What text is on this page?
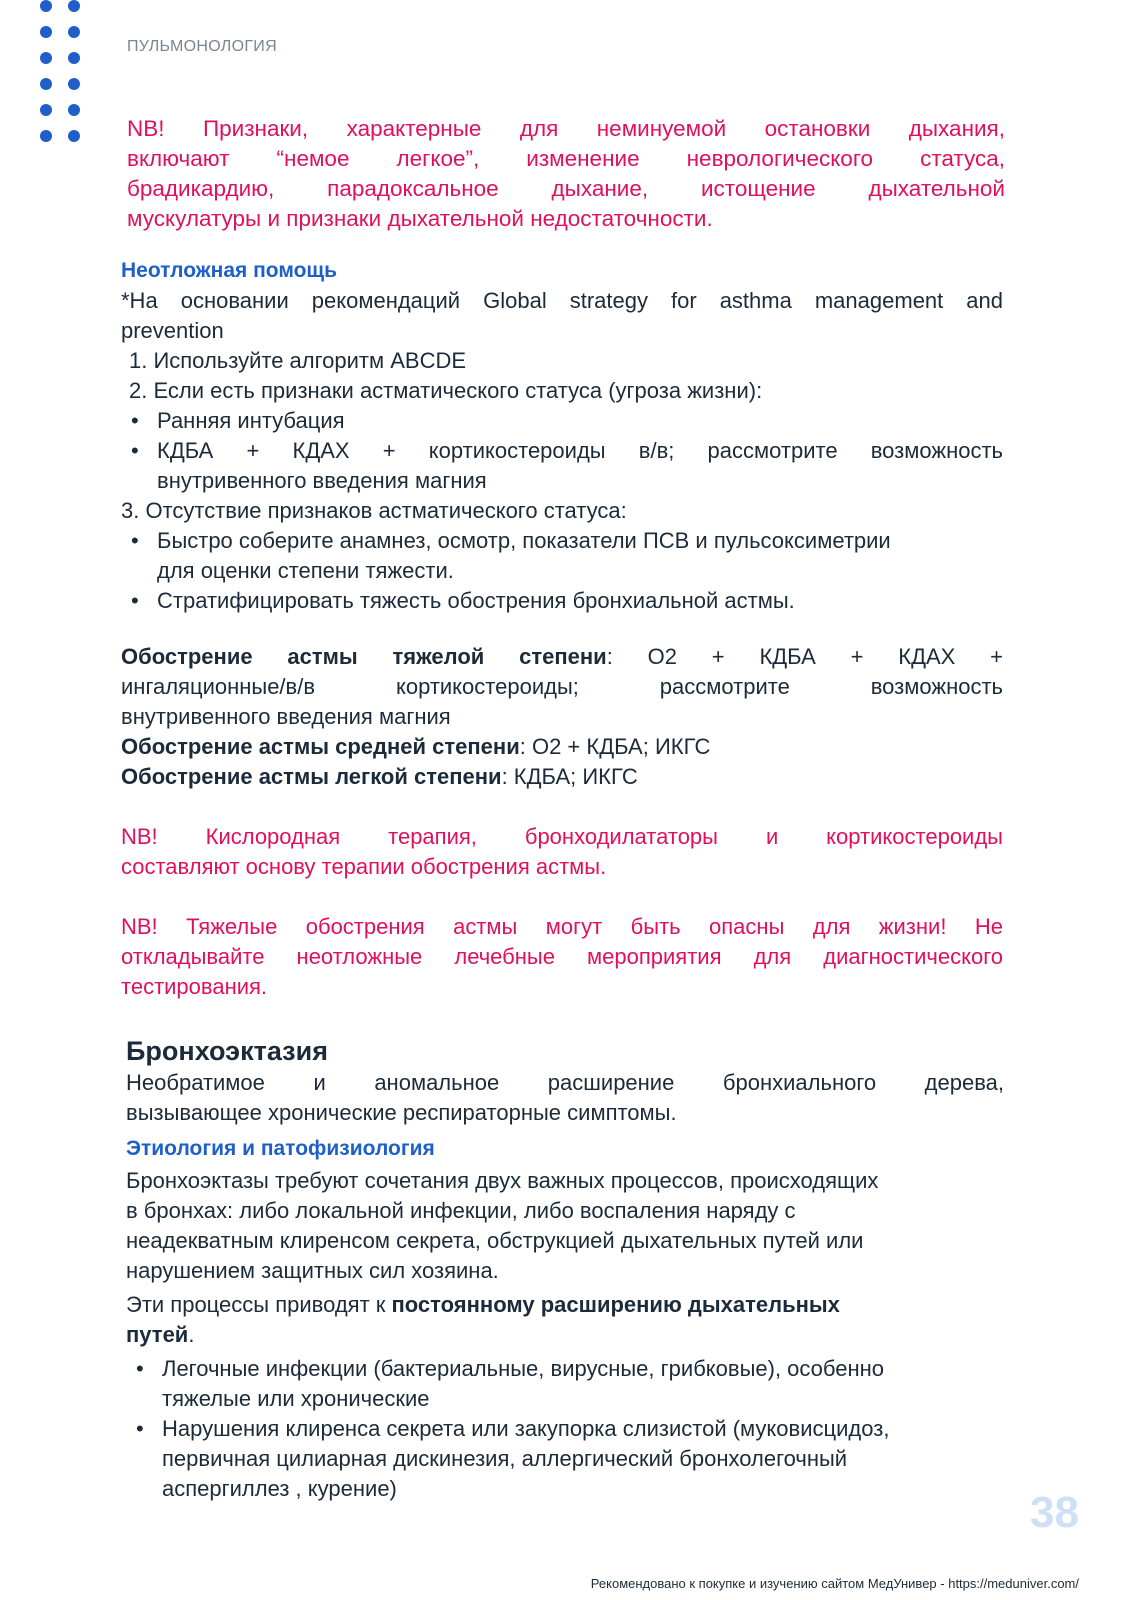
ПУЛЬМОНОЛОГИЯ
NB! Признаки, характерные для неминуемой остановки дыхания,
включают “немое легкое”, изменение неврологического статуса,
брадикардию, парадоксальное дыхание, истощение дыхательной
мускулатуры и признаки дыхательной недостаточности.
Неотложная помощь
*На основании рекомендаций Global strategy for asthma management and
prevention
1. Используйте алгоритм ABCDE
2. Если есть признаки астматического статуса (угроза жизни):
• Ранняя интубация
• КДБА + КДАХ + кортикостероиды в/в; рассмотрите возможность
внутривенного введения магния
3. Отсутствие признаков астматического статуса:
• Быстро соберите анамнез, осмотр, показатели ПСВ и пульсоксиметрии
для оценки степени тяжести.
• Стратифицировать тяжесть обострения бронхиальной астмы.
Обострение астмы тяжелой степени: O2 + КДБА + КДАХ +
ингаляционные/в/в кортикостероиды; рассмотрите возможность
внутривенного введения магния
Обострение астмы средней степени: O2 + КДБА; ИКГС
Обострение астмы легкой степени: КДБА; ИКГС
NB! Кислородная терапия, бронходилататоры и кортикостероиды
составляют основу терапии обострения астмы.
NB! Тяжелые обострения астмы могут быть опасны для жизни! Не
откладывайте неотложные лечебные мероприятия для диагностического
тестирования.
Бронхоэктазия
Необратимое и аномальное расширение бронхиального дерева,
вызывающее хронические респираторные симптомы.
Этиология и патофизиология
Бронхоэктазы требуют сочетания двух важных процессов, происходящих
в бронхах: либо локальной инфекции, либо воспаления наряду с
неадекватным клиренсом секрета, обструкцией дыхательных путей или
нарушением защитных сил хозяина.
Эти процессы приводят к постоянному расширению дыхательных
путей.
• Легочные инфекции (бактериальные, вирусные, грибковые), особенно
тяжелые или хронические
• Нарушения клиренса секрета или закупорка слизистой (муковисцидоз,
первичная цилиарная дискинезия, аллергический бронхолегочный
аспергиллез , курение)	38
Рекомендовано к покупке и изучению сайтом МедУнивер - https://meduniver.com/
